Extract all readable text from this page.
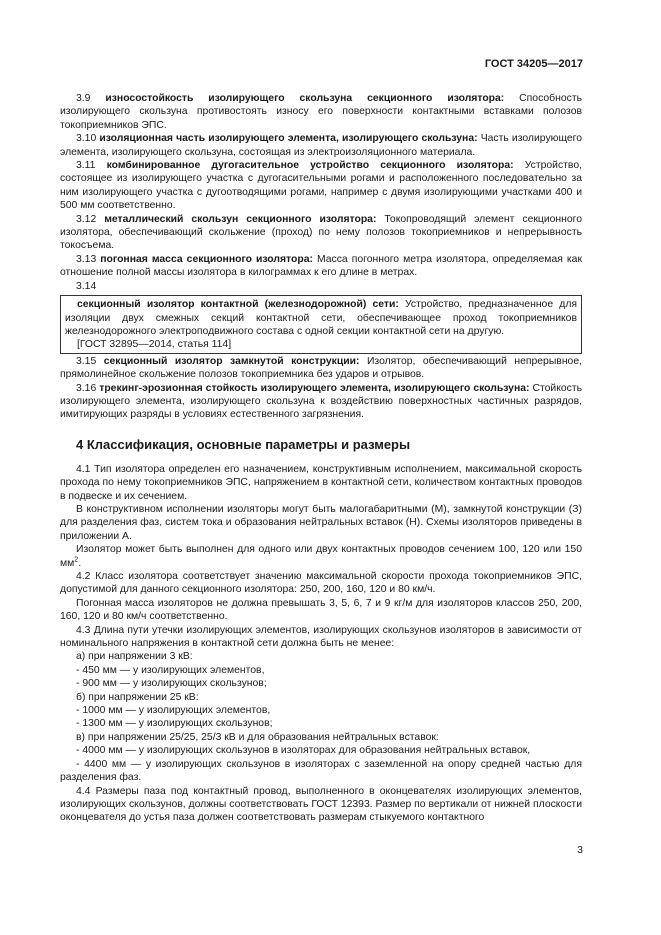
ГОСТ 34205—2017

3.9 износостойкость изолирующего скользуна секционного изолятора: Способность изолирующего скользуна противостоять износу его поверхности контактными вставками полозов токоприемников ЭПС.

3.10 изоляционная часть изолирующего элемента, изолирующего скользуна: Часть изолирующего элемента, изолирующего скользуна, состоящая из электроизоляционного материала.

3.11 комбинированное дугогасительное устройство секционного изолятора: Устройство, состоящее из изолирующего участка с дугогасительными рогами и расположенного последовательно за ним изолирующего участка с дугоотводящими рогами, например с двумя изолирующими участками 400 и 500 мм соответственно.

3.12 металлический скользун секционного изолятора: Токопроводящий элемент секционного изолятора, обеспечивающий скольжение (проход) по нему полозов токоприемников и непрерывность токосъема.

3.13 погонная масса секционного изолятора: Масса погонного метра изолятора, определяемая как отношение полной массы изолятора в килограммах к его длине в метрах.

3.14

секционный изолятор контактной (железнодорожной) сети: Устройство, предназначенное для изоляции двух смежных секций контактной сети, обеспечивающее проход токоприемников железнодорожного электроподвижного состава с одной секции контактной сети на другую.

[ГОСТ 32895—2014, статья 114]

3.15 секционный изолятор замкнутой конструкции: Изолятор, обеспечивающий непрерывное, прямолинейное скольжение полозов токоприемника без ударов и отрывов.

3.16 трекинг-эрозионная стойкость изолирующего элемента, изолирующего скользуна: Стойкость изолирующего элемента, изолирующего скользуна к воздействию поверхностных частичных разрядов, имитирующих разряды в условиях естественного загрязнения.

4 Классификация, основные параметры и размеры

4.1 Тип изолятора определен его назначением, конструктивным исполнением, максимальной скорость прохода по нему токоприемников ЭПС, напряжением в контактной сети, количеством контактных проводов в подвеске и их сечением.

В конструктивном исполнении изоляторы могут быть малогабаритными (М), замкнутой конструкции (З) для разделения фаз, систем тока и образования нейтральных вставок (Н). Схемы изоляторов приведены в приложении А.

Изолятор может быть выполнен для одного или двух контактных проводов сечением 100, 120 или 150 $мм^2$.

4.2 Класс изолятора соответствует значению максимальной скорости прохода токоприемников ЭПС, допустимой для данного секционного изолятора: 250, 200, 160, 120 и 80 км/ч.

Погонная масса изоляторов не должна превышать 3, 5, 6, 7 и 9 кг/м для изоляторов классов 250, 200, 160, 120 и 80 км/ч соответственно.

4.3 Длина пути утечки изолирующих элементов, изолирующих скользунов изоляторов в зависимости от номинального напряжения в контактной сети должна быть не менее:

а) при напряжении 3 кВ:

- 450 мм — у изолирующих элементов,

- 900 мм — у изолирующих скользунов;

б) при напряжении 25 кВ:

- 1000 мм — у изолирующих элементов,

- 1300 мм — у изолирующих скользунов;

в) при напряжении 25/25, 25/3 кВ и для образования нейтральных вставок:

- 4000 мм — у изолирующих скользунов в изоляторах для образования нейтральных вставок,

- 4400 мм — у изолирующих скользунов в изоляторах с заземленной на опору средней частью для разделения фаз.

4.4 Размеры паза под контактный провод, выполненного в оконцевателях изолирующих элементов, изолирующих скользунов, должны соответствовать ГОСТ 12393. Размер по вертикали от нижней плоскости оконцевателя до устья паза должен соответствовать размерам стыкуемого контактного

3
